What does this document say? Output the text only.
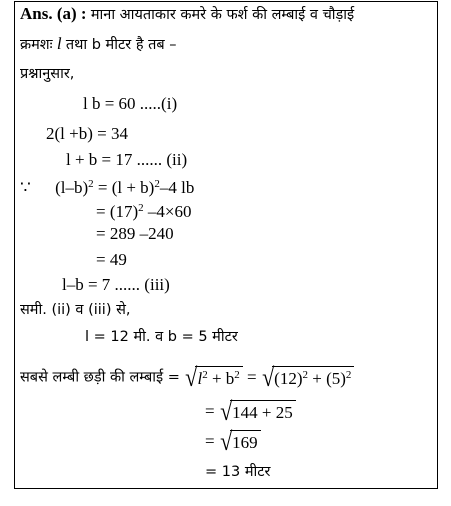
Ans. (a) : माना आयताकार कमरे के फर्श की लम्बाई व चौड़ाई
क्रमशः l तथा b मीटर है तब –
प्रश्नानुसार,
l b = 60 .....(i)
2(l +b) = 34
l + b = 17 ...... (ii)
∵ $(l-b)^2 = (l + b)^2-4$ lb
= $(17)^2$ –4×60
= 289 –240
= 49
l–b = 7 ...... (iii)
समी. (ii) व (iii) से,
l = 12 मी. व b = 5 मीटर
सबसे लम्बी छड़ी की लम्बाई = $√l^2 + b^2 = √(12)^2 + (5)^2$
= √144 + 25
= √169
= 13 मीटर
